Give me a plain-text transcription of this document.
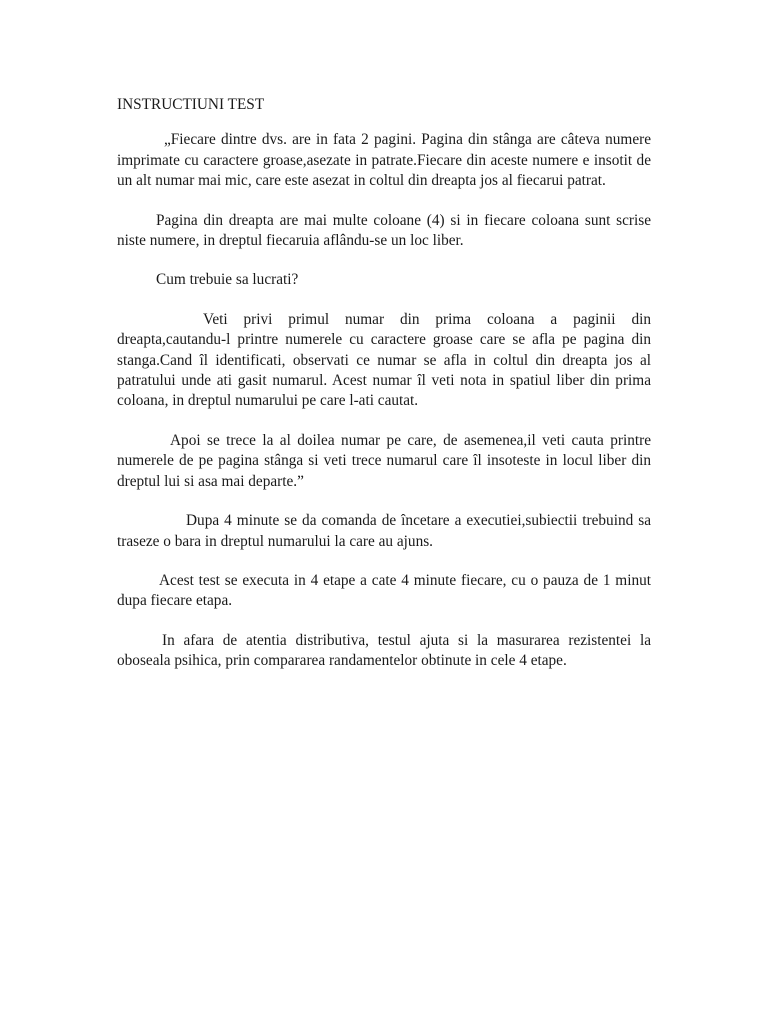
INSTRUCTIUNI TEST

„Fiecare dintre dvs. are in fata 2 pagini. Pagina din stânga are câteva numere imprimate cu caractere groase,asezate in patrate.Fiecare din aceste numere e insotit de un alt numar mai mic, care este asezat in coltul din dreapta jos al fiecarui patrat.

Pagina din dreapta are mai multe coloane (4) si in fiecare coloana sunt scrise niste numere, in dreptul fiecaruia aflându-se un loc liber.

Cum trebuie sa lucrati?

Veti privi primul numar din prima coloana a paginii din dreapta,cautandu-l printre numerele cu caractere groase care se afla pe pagina din stanga.Cand îl identificati, observati ce numar se afla in coltul din dreapta jos al patratului unde ati gasit numarul. Acest numar îl veti nota in spatiul liber din prima coloana, in dreptul numarului pe care l-ati cautat.

Apoi se trece la al doilea numar pe care, de asemenea,il veti cauta printre numerele de pe pagina stânga si veti trece numarul care îl insoteste in locul liber din dreptul lui si asa mai departe.”

Dupa 4 minute se da comanda de încetare a executiei,subiectii trebuind sa traseze o bara in dreptul numarului la care au ajuns.

Acest test se executa in 4 etape a cate 4 minute fiecare, cu o pauza de 1 minut dupa fiecare etapa.

In afara de atentia distributiva, testul ajuta si la masurarea rezistentei la oboseala psihica, prin compararea randamentelor obtinute in cele 4 etape.
